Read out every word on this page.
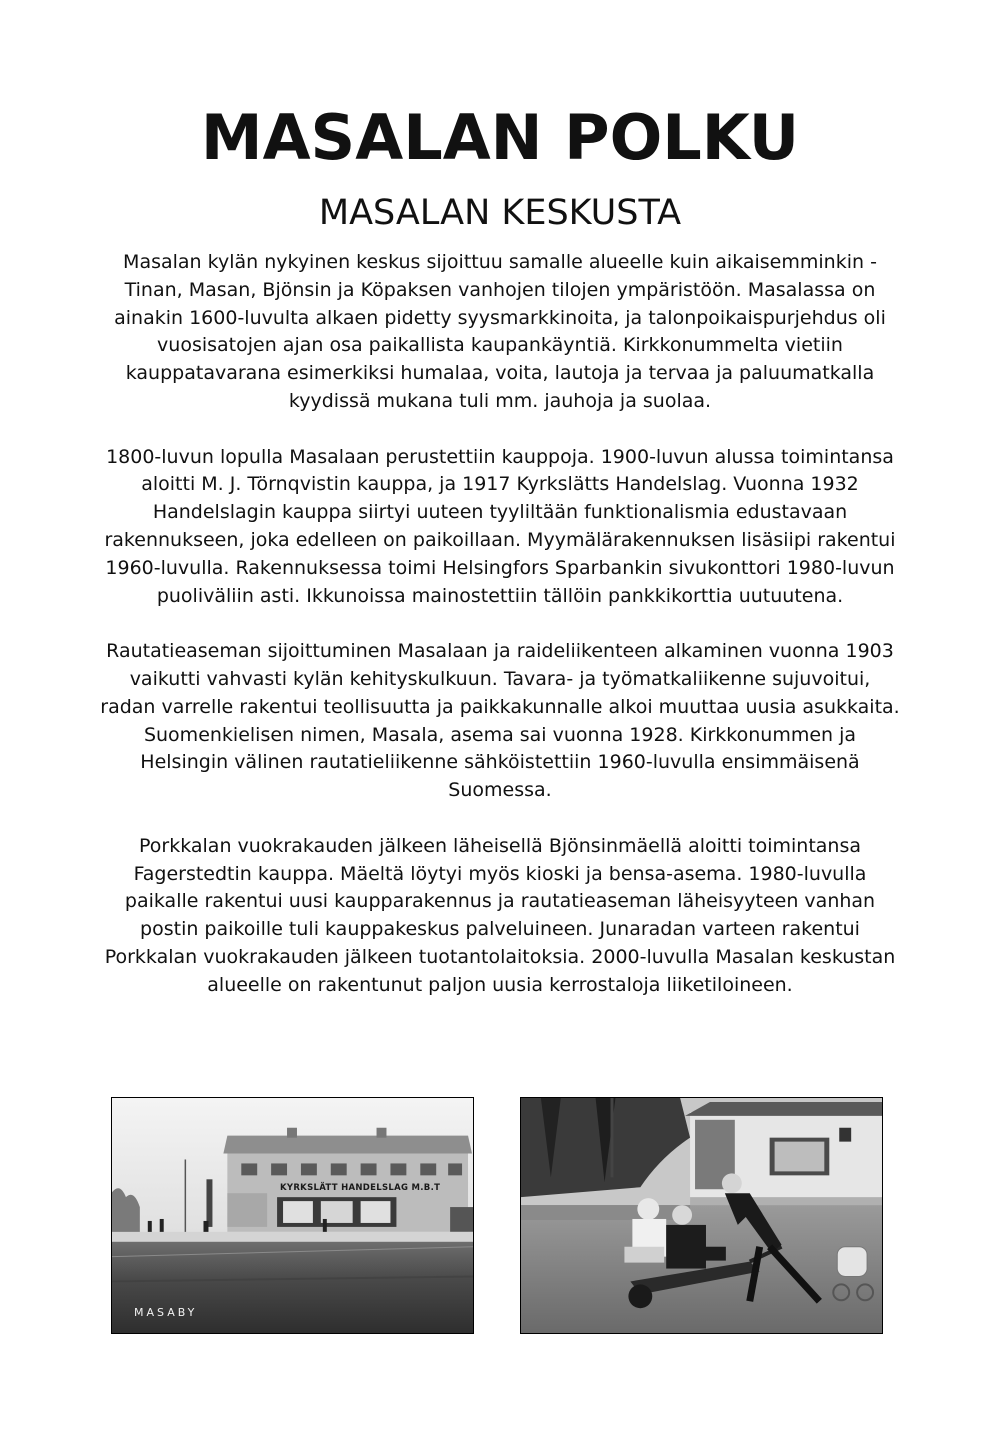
MASALAN POLKU
MASALAN KESKUSTA

Masalan kylän nykyinen keskus sijoittuu samalle alueelle kuin aikaisemminkin - Tinan, Masan, Bjönsin ja Köpaksen vanhojen tilojen ympäristöön. Masalassa on ainakin 1600-luvulta alkaen pidetty syysmarkkinoita, ja talonpoikaispurjehdus oli vuosisatojen ajan osa paikallista kaupankäyntiä. Kirkkonummelta vietiin kauppatavarana esimerkiksi humalaa, voita, lautoja ja tervaa ja paluumatkalla kyydissä mukana tuli mm. jauhoja ja suolaa.

1800-luvun lopulla Masalaan perustettiin kauppoja. 1900-luvun alussa toimintansa aloitti M. J. Törnqvistin kauppa, ja 1917 Kyrkslätts Handelslag. Vuonna 1932 Handelslagin kauppa siirtyi uuteen tyyliltään funktionalismia edustavaan rakennukseen, joka edelleen on paikoillaan. Myymälärakennuksen lisäsiipi rakentui 1960-luvulla. Rakennuksessa toimi Helsingfors Sparbankin sivukonttori 1980-luvun puoliväliin asti. Ikkunoissa mainostettiin tällöin pankkikorttia uutuutena.

Rautatieaseman sijoittuminen Masalaan ja raideliikenteen alkaminen vuonna 1903 vaikutti vahvasti kylän kehityskulkuun. Tavara- ja työmatkaliikenne sujuvoitui, radan varrelle rakentui teollisuutta ja paikkakunnalle alkoi muuttaa uusia asukkaita. Suomenkielisen nimen, Masala, asema sai vuonna 1928. Kirkkonummen ja Helsingin välinen rautatieliikenne sähköistettiin 1960-luvulla ensimmäisenä Suomessa.

Porkkalan vuokrakauden jälkeen läheisellä Bjönsinmäellä aloitti toimintansa Fagerstedtin kauppa. Mäeltä löytyi myös kioski ja bensa-asema. 1980-luvulla paikalle rakentui uusi kaupparakennus ja rautatieaseman läheisyyteen vanhan postin paikoille tuli kauppakeskus palveluineen. Junaradan varteen rakentui Porkkalan vuokrakauden jälkeen tuotantolaitoksia. 2000-luvulla Masalan keskustan alueelle on rakentunut paljon uusia kerrostaloja liiketiloineen.

KYRKSLÄTT HANDELSLAG M.B.T
MASABY
